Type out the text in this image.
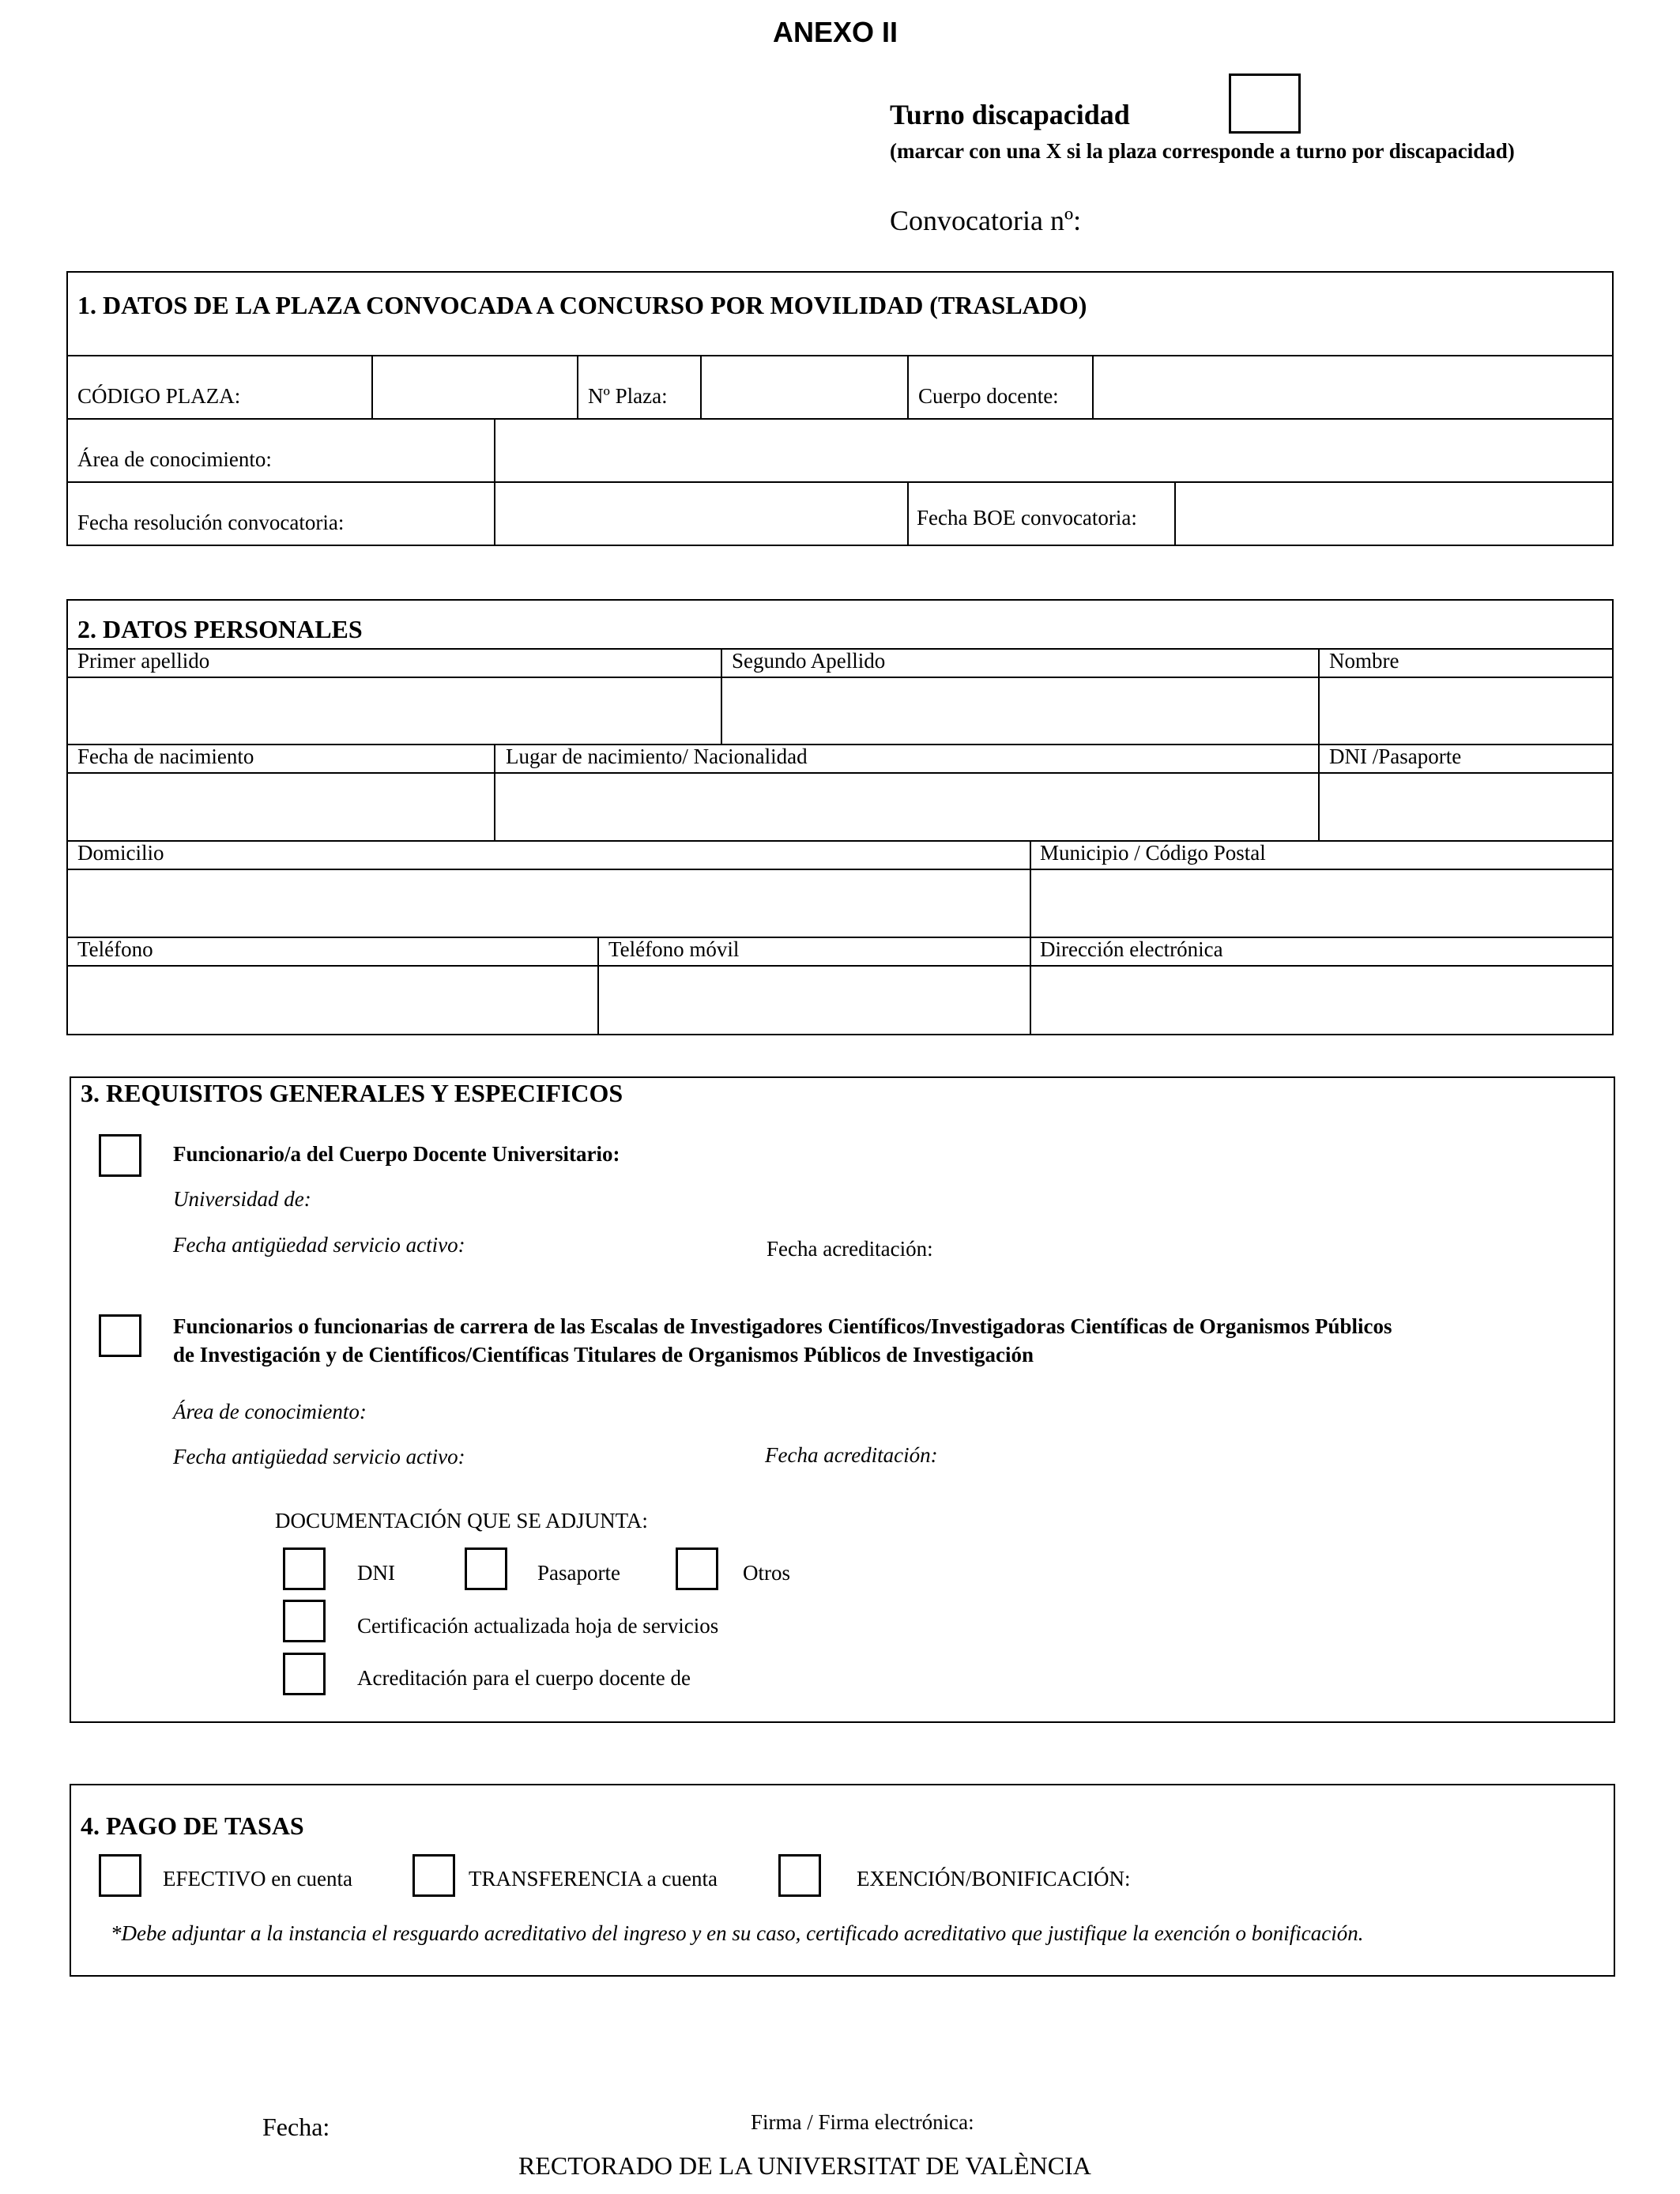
ANEXO II
Turno discapacidad
(marcar con una X si la plaza corresponde a turno por discapacidad)
Convocatoria nº:
1. DATOS DE LA PLAZA CONVOCADA A CONCURSO POR MOVILIDAD (TRASLADO)
CÓDIGO PLAZA:	Nº Plaza:	Cuerpo docente:
Área de conocimiento:
Fecha resolución convocatoria:	Fecha BOE convocatoria:
2. DATOS PERSONALES
Primer apellido	Segundo Apellido	Nombre
Fecha de nacimiento	Lugar de nacimiento/ Nacionalidad	DNI /Pasaporte
Domicilio	Municipio / Código Postal
Teléfono	Teléfono móvil	Dirección electrónica
3. REQUISITOS GENERALES Y ESPECIFICOS
Funcionario/a del Cuerpo Docente Universitario:
Universidad de:
Fecha antigüedad servicio activo:	Fecha acreditación:
Funcionarios o funcionarias de carrera de las Escalas de Investigadores Científicos/Investigadoras Científicas de Organismos Públicos
de Investigación y de Científicos/Científicas Titulares de Organismos Públicos de Investigación
Área de conocimiento:
Fecha antigüedad servicio activo:	Fecha acreditación:
DOCUMENTACIÓN QUE SE ADJUNTA:
DNI	Pasaporte	Otros
Certificación actualizada hoja de servicios
Acreditación para el cuerpo docente de
4. PAGO DE TASAS
EFECTIVO en cuenta	TRANSFERENCIA a cuenta	EXENCIÓN/BONIFICACIÓN:
*Debe adjuntar a la instancia el resguardo acreditativo del ingreso y en su caso, certificado acreditativo que justifique la exención o bonificación.
Fecha:	Firma / Firma electrónica:
RECTORADO DE LA UNIVERSITAT DE VALÈNCIA
